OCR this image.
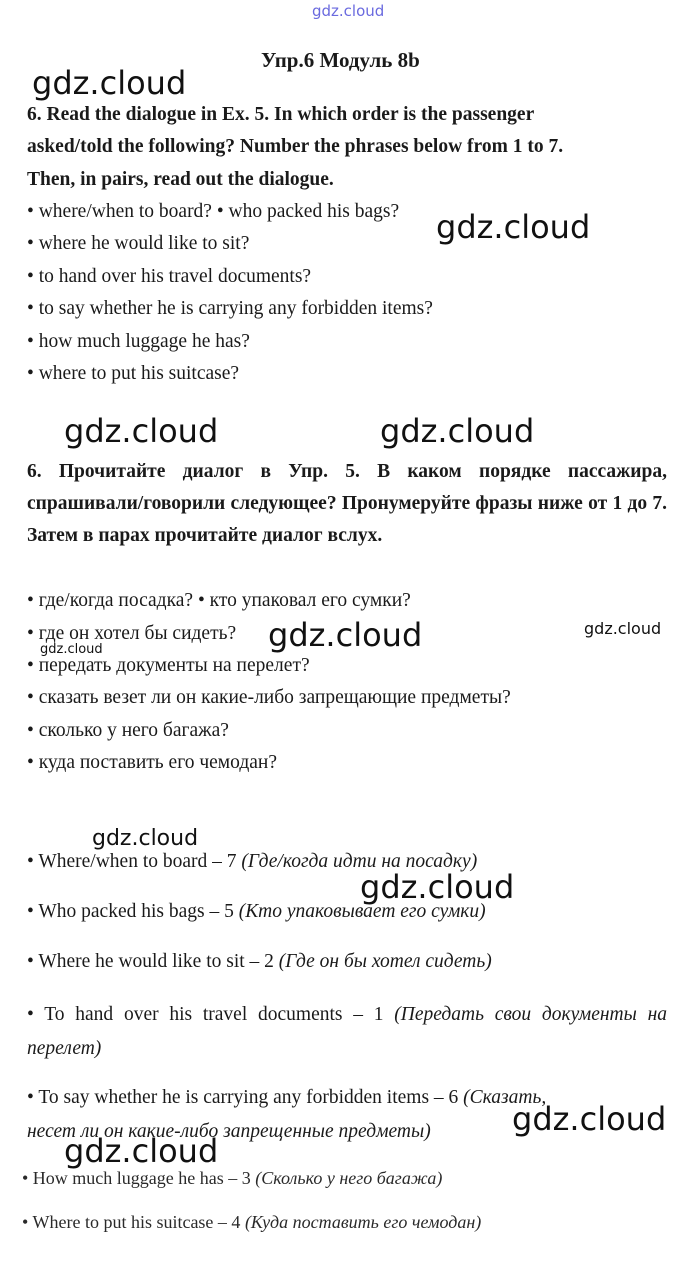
gdz.cloud
Упр.6 Модуль 8b
gdz.cloud
gdz.cloud
gdz.cloud	gdz.cloud
gdz.cloud	gdz.cloud
gdz.cloud
gdz.cloud
gdz.cloud
gdz.cloud
gdz.cloud
6. Read the dialogue in Ex. 5. In which order is the passenger
asked/told the following? Number the phrases below from 1 to 7.
Then, in pairs, read out the dialogue.
• where/when to board? • who packed his bags?
• where he would like to sit?
• to hand over his travel documents?
• to say whether he is carrying any forbidden items?
• how much luggage he has?
• where to put his suitcase?
6. Прочитайте диалог в Упр. 5. В каком порядке пассажира, спрашивали/говорили следующее? Пронумеруйте фразы ниже от 1 до 7. Затем в парах прочитайте диалог вслух.
• где/когда посадка? • кто упаковал его сумки?
• где он хотел бы сидеть?
• передать документы на перелет?
• сказать везет ли он какие-либо запрещающие предметы?
• сколько у него багажа?
• куда поставить его чемодан?
• Where/when to board – 7 (Где/когда идти на посадку)
• Who packed his bags – 5 (Кто упаковывает его сумки)
• Where he would like to sit – 2 (Где он бы хотел сидеть)
• To hand over his travel documents – 1 (Передать свои документы на перелет)
• To say whether he is carrying any forbidden items – 6 (Сказать, несет ли он какие-либо запрещенные предметы)
• How much luggage he has – 3 (Сколько у него багажа)
• Where to put his suitcase – 4 (Куда поставить его чемодан)
